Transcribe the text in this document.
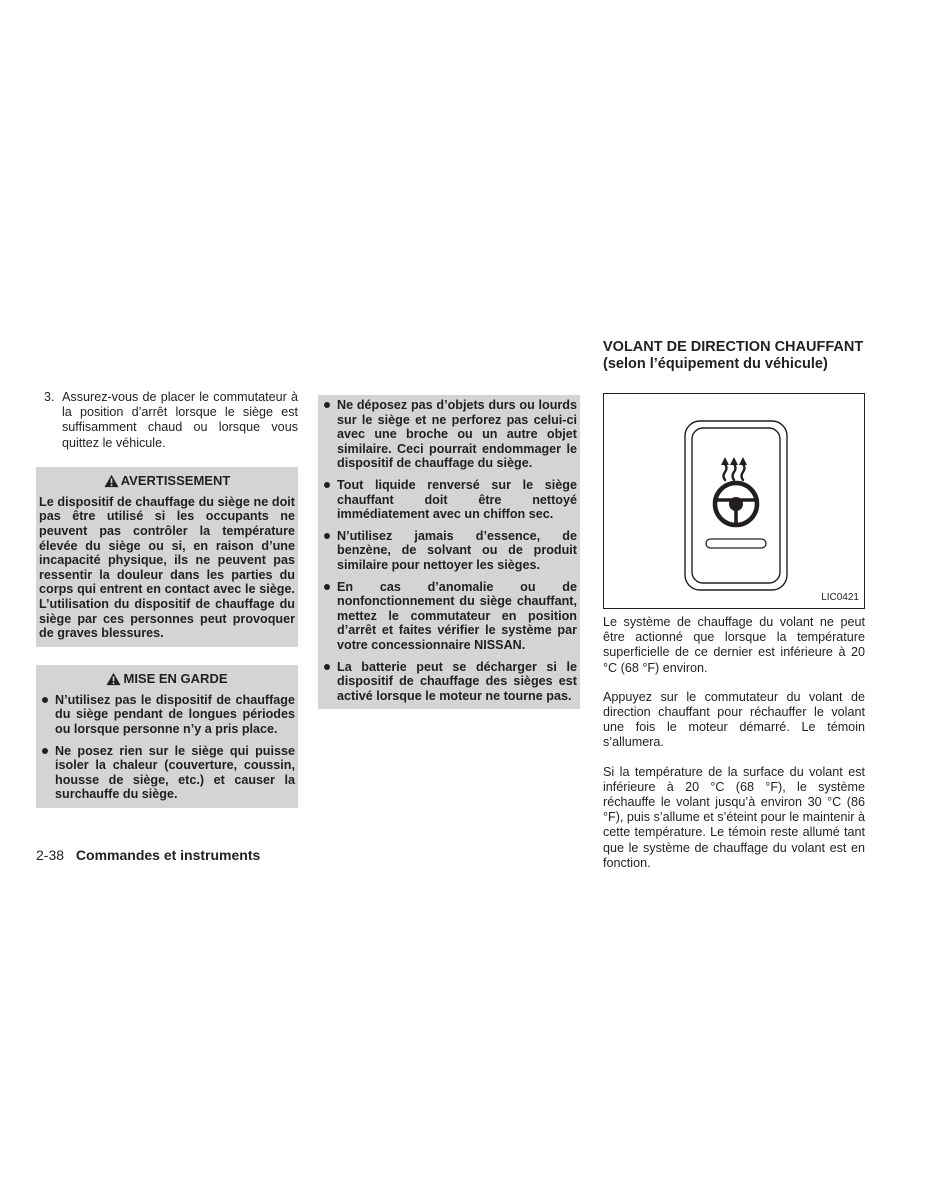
3. Assurez-vous de placer le commutateur à la position d’arrêt lorsque le siège est suffisamment chaud ou lorsque vous quittez le véhicule.
AVERTISSEMENT
Le dispositif de chauffage du siège ne doit pas être utilisé si les occupants ne peuvent pas contrôler la température élevée du siège ou si, en raison d’une incapacité physique, ils ne peuvent pas ressentir la douleur dans les parties du corps qui entrent en contact avec le siège. L’utilisation du dispositif de chauffage du siège par ces personnes peut provoquer de graves blessures.
MISE EN GARDE
N’utilisez pas le dispositif de chauffage du siège pendant de longues périodes ou lorsque personne n’y a pris place.
Ne posez rien sur le siège qui puisse isoler la chaleur (couverture, coussin, housse de siège, etc.) et causer la surchauffe du siège.
Ne déposez pas d’objets durs ou lourds sur le siège et ne perforez pas celui-ci avec une broche ou un autre objet similaire. Ceci pourrait endommager le dispositif de chauffage du siège.
Tout liquide renversé sur le siège chauffant doit être nettoyé immédiatement avec un chiffon sec.
N’utilisez jamais d’essence, de benzène, de solvant ou de produit similaire pour nettoyer les sièges.
En cas d’anomalie ou de nonfonctionnement du siège chauffant, mettez le commutateur en position d’arrêt et faites vérifier le système par votre concessionnaire NISSAN.
La batterie peut se décharger si le dispositif de chauffage des sièges est activé lorsque le moteur ne tourne pas.
VOLANT DE DIRECTION CHAUFFANT
(selon l’équipement du véhicule)
LIC0421

Le système de chauffage du volant ne peut être actionné que lorsque la température superficielle de ce dernier est inférieure à 20 °C (68 °F) environ.

Appuyez sur le commutateur du volant de direction chauffant pour réchauffer le volant une fois le moteur démarré. Le témoin s’allumera.

Si la température de la surface du volant est inférieure à 20 °C (68 °F), le système réchauffe le volant jusqu’à environ 30 °C (86 °F), puis s’allume et s’éteint pour le maintenir à cette température. Le témoin reste allumé tant que le système de chauffage du volant est en fonction.

2-38 Commandes et instruments
